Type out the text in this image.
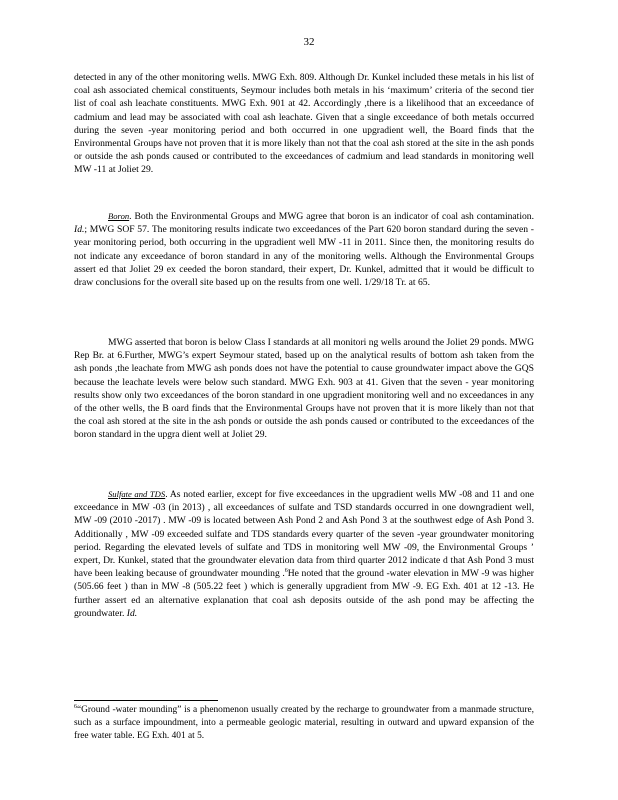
32

detected in any of the other monitoring wells. MWG Exh. 809. Although Dr. Kunkel included these metals in his list of coal ash associated chemical constituents, Seymour includes both metals in his ‘maximum’ criteria of the second tier list of coal ash leachate constituents. MWG Exh. 901 at 42. Accordingly ,there is a likelihood that an exceedance of cadmium and lead may be associated with coal ash leachate. Given that a single exceedance of both metals occurred during the seven -year monitoring period and both occurred in one upgradient well, the Board finds that the Environmental Groups have not proven that it is more likely than not that the coal ash stored at the site in the ash ponds or outside the ash ponds caused or contributed to the exceedances of cadmium and lead standards in monitoring well MW -11 at Joliet 29.

Boron. Both the Environmental Groups and MWG agree that boron is an indicator of coal ash contamination. Id.; MWG SOF 57. The monitoring results indicate two exceedances of the Part 620 boron standard during the seven -year monitoring period, both occurring in the upgradient well MW -11 in 2011. Since then, the monitoring results do not indicate any exceedance of boron standard in any of the monitoring wells. Although the Environmental Groups assert ed that Joliet 29 ex ceeded the boron standard, their expert, Dr. Kunkel, admitted that it would be difficult to draw conclusions for the overall site based up on the results from one well. 1/29/18 Tr. at 65.

MWG asserted that boron is below Class I standards at all monitori ng wells around the Joliet 29 ponds. MWG Rep Br. at 6.Further, MWG’s expert Seymour stated, based up on the analytical results of bottom ash taken from the ash ponds ,the leachate from MWG ash ponds does not have the potential to cause groundwater impact above the GQS because the leachate levels were below such standard. MWG Exh. 903 at 41. Given that the seven - year monitoring results show only two exceedances of the boron standard in one upgradient monitoring well and no exceedances in any of the other wells, the B oard finds that the Environmental Groups have not proven that it is more likely than not that the coal ash stored at the site in the ash ponds or outside the ash ponds caused or contributed to the exceedances of the boron standard in the upgra dient well at Joliet 29.

Sulfate and TDS. As noted earlier, except for five exceedances in the upgradient wells MW -08 and 11 and one exceedance in MW -03 (in 2013) , all exceedances of sulfate and TSD standards occurred in one downgradient well, MW -09 (2010 -2017) . MW -09 is located between Ash Pond 2 and Ash Pond 3 at the southwest edge of Ash Pond 3. Additionally , MW -09 exceeded sulfate and TDS standards every quarter of the seven -year groundwater monitoring period. Regarding the elevated levels of sulfate and TDS in monitoring well MW -09, the Environmental Groups ’ expert, Dr. Kunkel, stated that the groundwater elevation data from third quarter 2012 indicate d that Ash Pond 3 must have been leaking because of groundwater mounding .$^6$He noted that the ground -water elevation in MW -9 was higher (505.66 feet ) than in MW -8 (505.22 feet ) which is generally upgradient from MW -9. EG Exh. 401 at 12 -13. He further assert ed an alternative explanation that coal ash deposits outside of the ash pond may be affecting the groundwater. Id.

$^6$“Ground -water mounding” is a phenomenon usually created by the recharge to groundwater from a manmade structure, such as a surface impoundment, into a permeable geologic material, resulting in outward and upward expansion of the free water table. EG Exh. 401 at 5.
